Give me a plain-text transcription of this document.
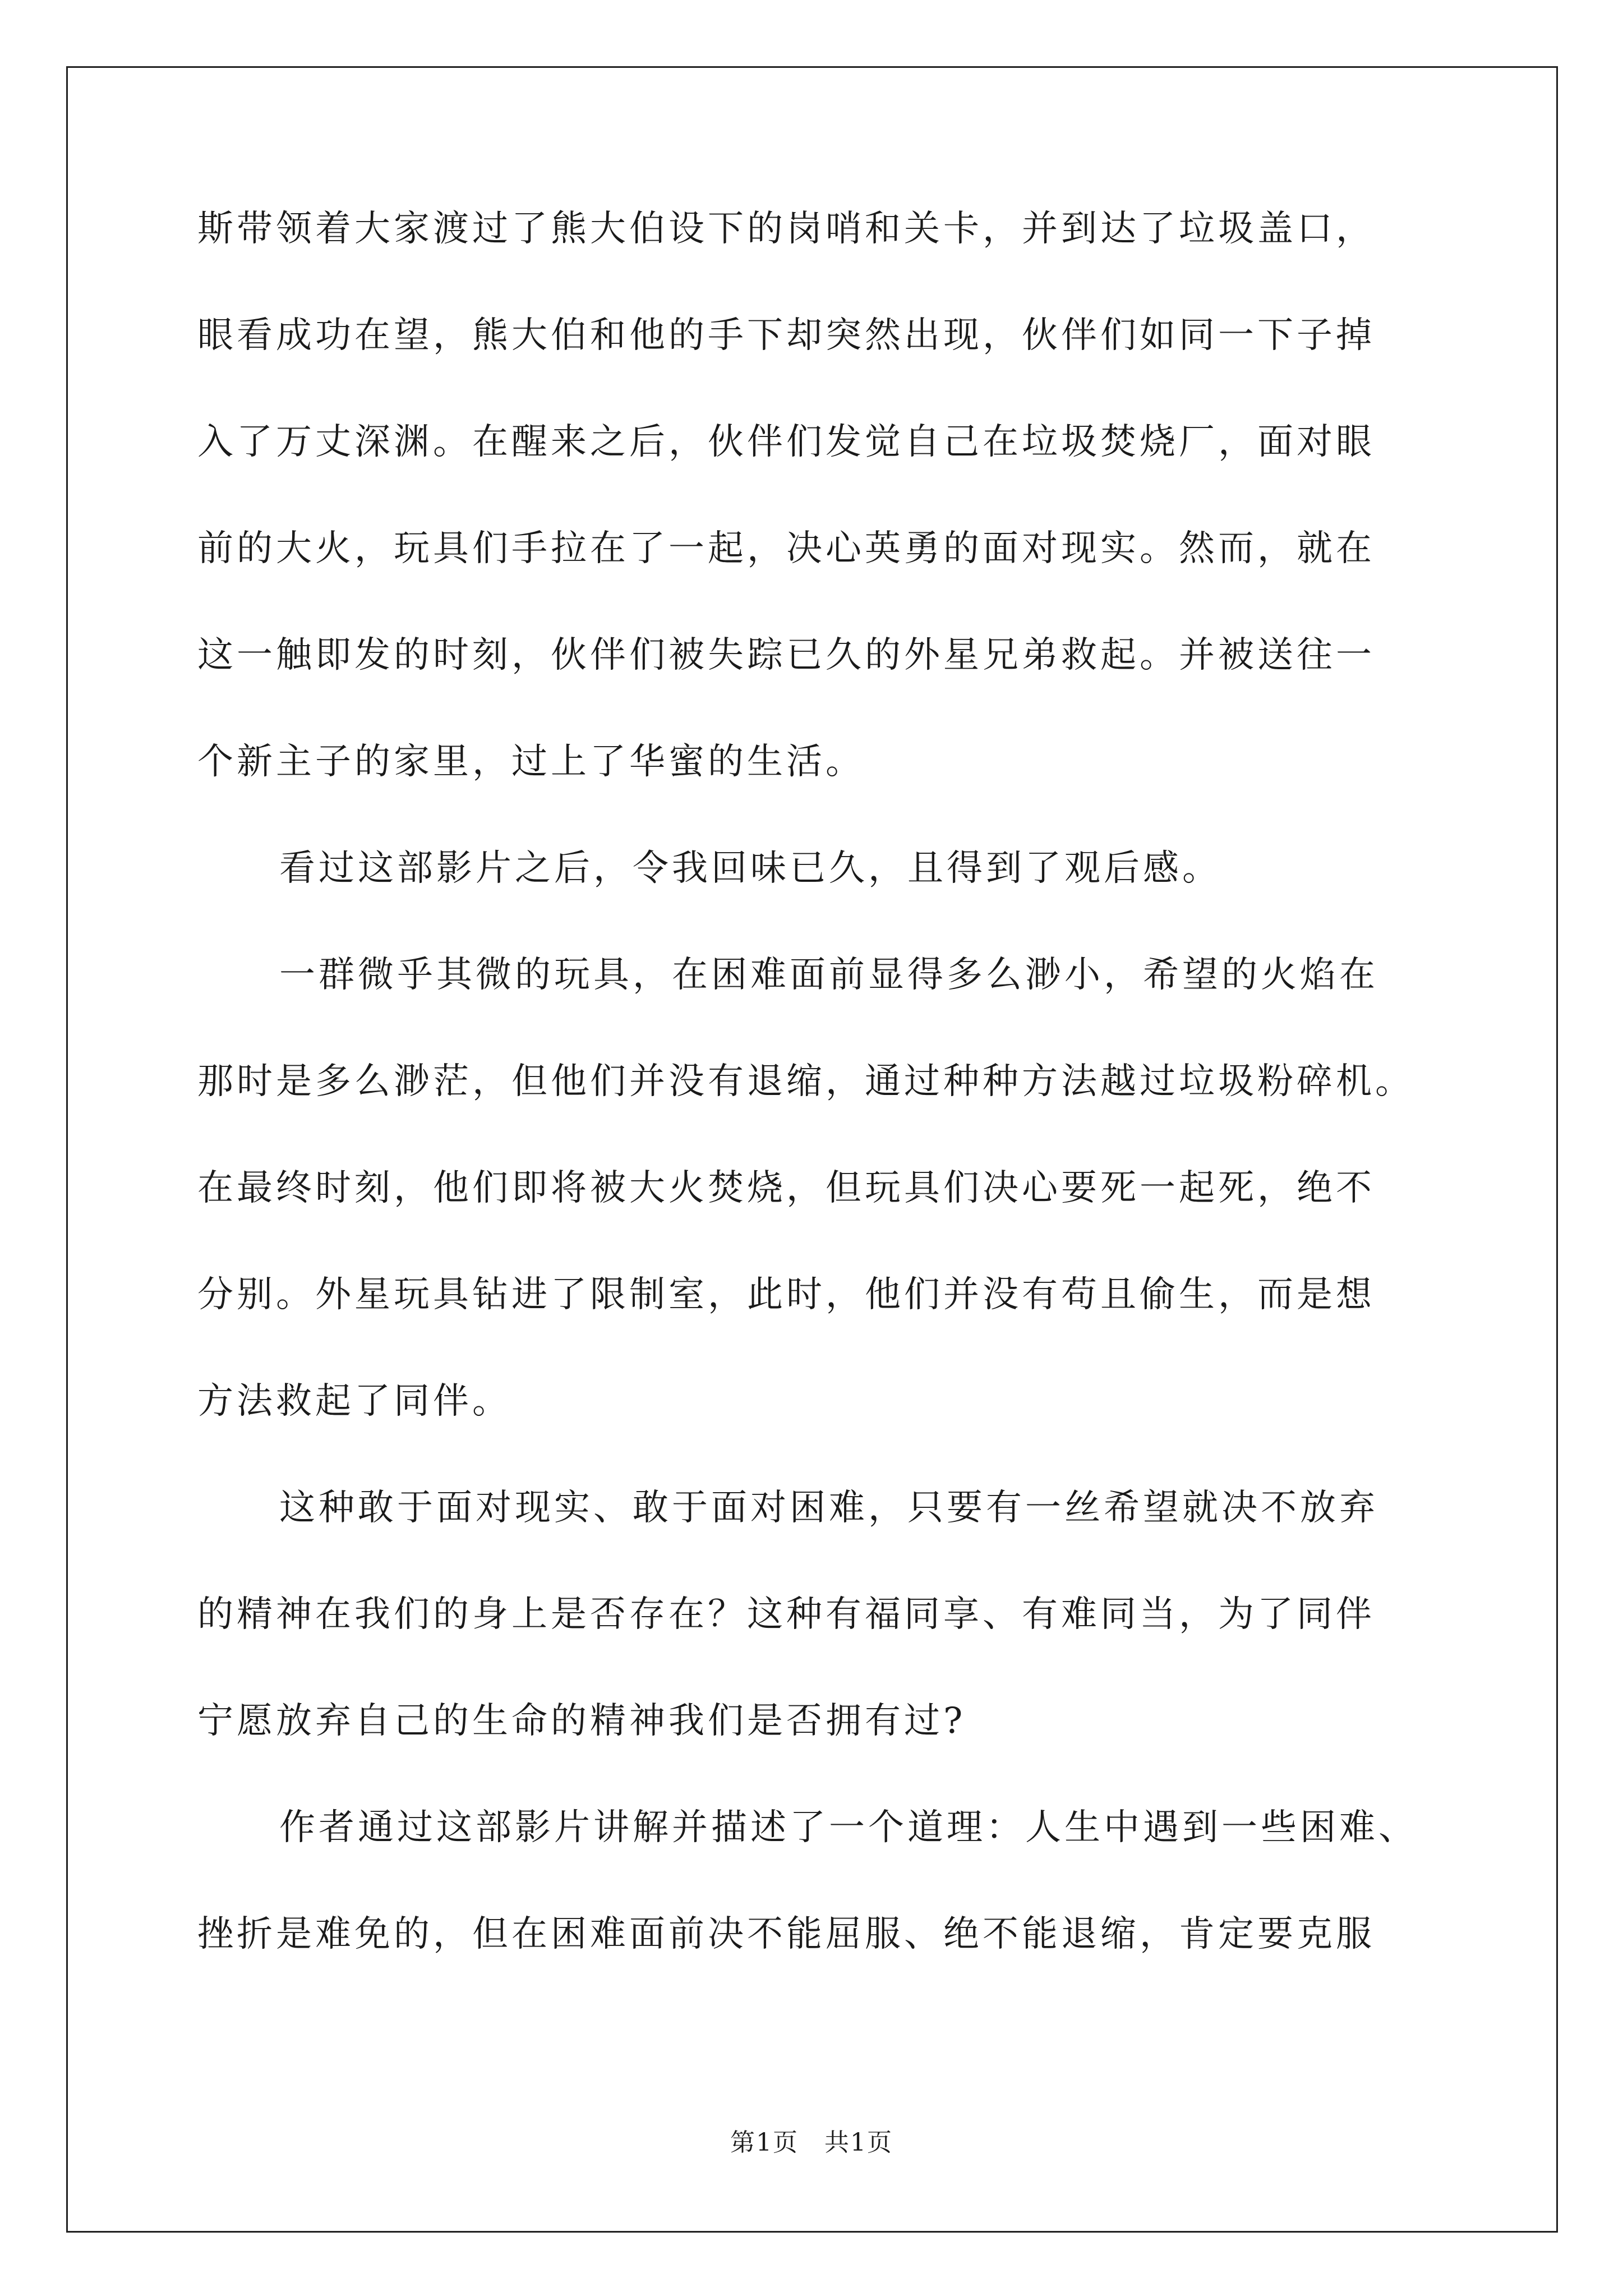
斯带领着大家渡过了熊大伯设下的岗哨和关卡，并到达了垃圾盖口，
眼看成功在望，熊大伯和他的手下却突然出现，伙伴们如同一下子掉
入了万丈深渊。在醒来之后，伙伴们发觉自己在垃圾焚烧厂，面对眼
前的大火，玩具们手拉在了一起，决心英勇的面对现实。然而，就在
这一触即发的时刻，伙伴们被失踪已久的外星兄弟救起。并被送往一
个新主子的家里，过上了华蜜的生活。
看过这部影片之后，令我回味已久，且得到了观后感。
一群微乎其微的玩具，在困难面前显得多么渺小，希望的火焰在
那时是多么渺茫，但他们并没有退缩，通过种种方法越过垃圾粉碎机。
在最终时刻，他们即将被大火焚烧，但玩具们决心要死一起死，绝不
分别。外星玩具钻进了限制室，此时，他们并没有苟且偷生，而是想
方法救起了同伴。
这种敢于面对现实、敢于面对困难，只要有一丝希望就决不放弃
的精神在我们的身上是否存在？这种有福同享、有难同当，为了同伴
宁愿放弃自己的生命的精神我们是否拥有过?
作者通过这部影片讲解并描述了一个道理：人生中遇到一些困难、
挫折是难免的，但在困难面前决不能屈服、绝不能退缩，肯定要克服
第1页 共1页
